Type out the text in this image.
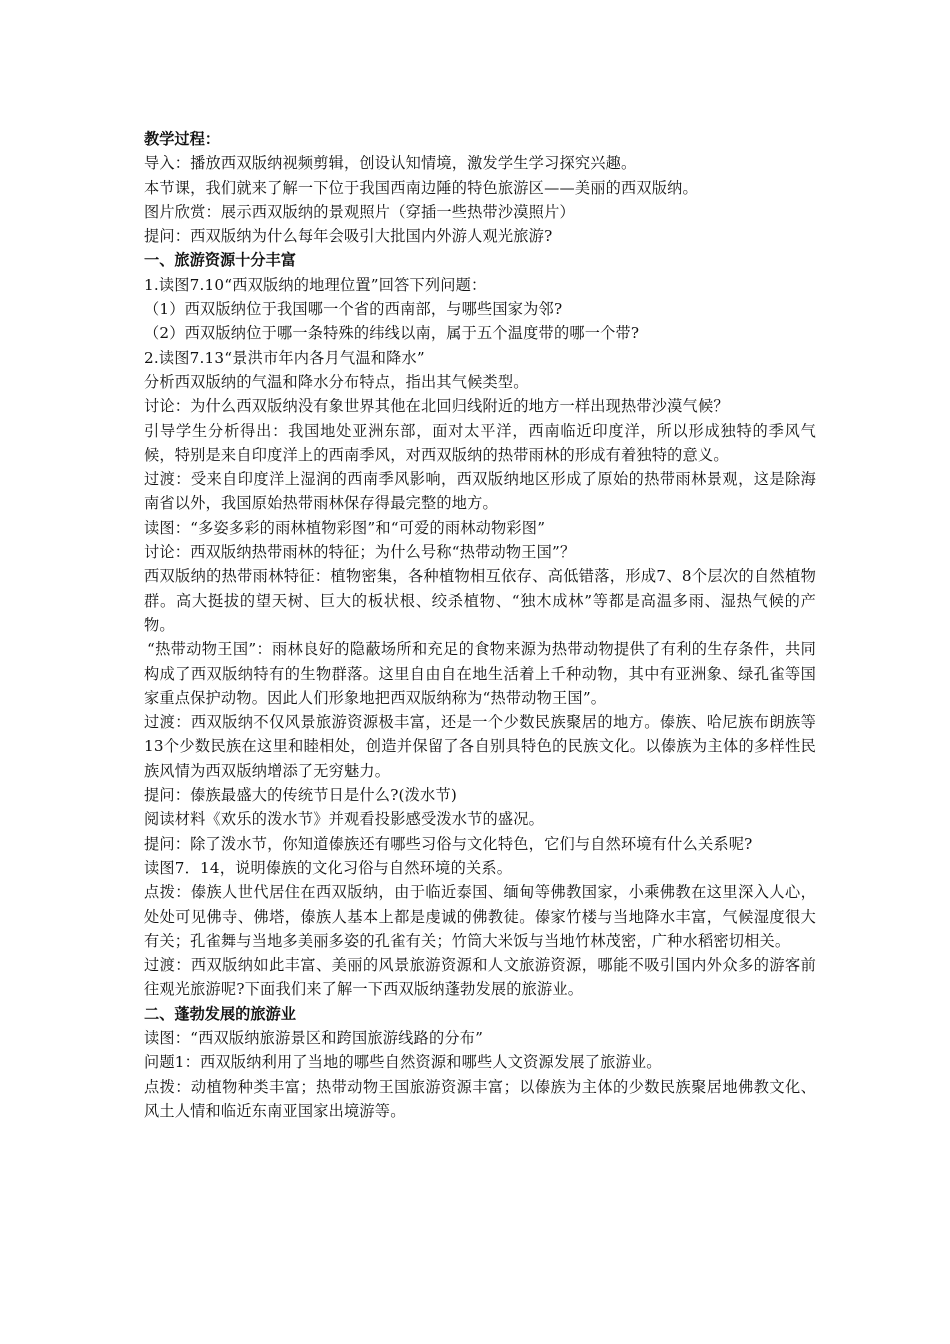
教学过程：
导入：播放西双版纳视频剪辑，创设认知情境，激发学生学习探究兴趣。
本节课，我们就来了解一下位于我国西南边陲的特色旅游区——美丽的西双版纳。
图片欣赏：展示西双版纳的景观照片（穿插一些热带沙漠照片）
提问：西双版纳为什么每年会吸引大批国内外游人观光旅游?
一、旅游资源十分丰富
1.读图7.10“西双版纳的地理位置”回答下列问题：
（1）西双版纳位于我国哪一个省的西南部，与哪些国家为邻?
（2）西双版纳位于哪一条特殊的纬线以南，属于五个温度带的哪一个带?
2.读图7.13“景洪市年内各月气温和降水”
分析西双版纳的气温和降水分布特点，指出其气候类型。
讨论：为什么西双版纳没有象世界其他在北回归线附近的地方一样出现热带沙漠气候？
引导学生分析得出：我国地处亚洲东部，面对太平洋，西南临近印度洋，所以形成独特的季风气候，特别是来自印度洋上的西南季风，对西双版纳的热带雨林的形成有着独特的意义。
过渡：受来自印度洋上湿润的西南季风影响，西双版纳地区形成了原始的热带雨林景观，这是除海南省以外，我国原始热带雨林保存得最完整的地方。
读图：“多姿多彩的雨林植物彩图”和“可爱的雨林动物彩图”
讨论：西双版纳热带雨林的特征；为什么号称“热带动物王国”？
西双版纳的热带雨林特征：植物密集，各种植物相互依存、高低错落，形成7、8个层次的自然植物群。高大挺拔的望天树、巨大的板状根、绞杀植物、“独木成林”等都是高温多雨、湿热气候的产物。
“热带动物王国”：雨林良好的隐蔽场所和充足的食物来源为热带动物提供了有利的生存条件，共同构成了西双版纳特有的生物群落。这里自由自在地生活着上千种动物，其中有亚洲象、绿孔雀等国家重点保护动物。因此人们形象地把西双版纳称为“热带动物王国”。
过渡：西双版纳不仅风景旅游资源极丰富，还是一个少数民族聚居的地方。傣族、哈尼族布朗族等13个少数民族在这里和睦相处，创造并保留了各自别具特色的民族文化。以傣族为主体的多样性民族风情为西双版纳增添了无穷魅力。
提问：傣族最盛大的传统节日是什么?(泼水节)
阅读材料《欢乐的泼水节》并观看投影感受泼水节的盛况。
提问：除了泼水节，你知道傣族还有哪些习俗与文化特色，它们与自然环境有什么关系呢?
读图7．14，说明傣族的文化习俗与自然环境的关系。
点拨：傣族人世代居住在西双版纳，由于临近泰国、缅甸等佛教国家，小乘佛教在这里深入人心，处处可见佛寺、佛塔，傣族人基本上都是虔诚的佛教徒。傣家竹楼与当地降水丰富，气候湿度很大有关；孔雀舞与当地多美丽多姿的孔雀有关；竹筒大米饭与当地竹林茂密，广种水稻密切相关。
过渡：西双版纳如此丰富、美丽的风景旅游资源和人文旅游资源，哪能不吸引国内外众多的游客前往观光旅游呢?下面我们来了解一下西双版纳蓬勃发展的旅游业。
二、蓬勃发展的旅游业
读图：“西双版纳旅游景区和跨国旅游线路的分布”
问题1：西双版纳利用了当地的哪些自然资源和哪些人文资源发展了旅游业。
点拨：动植物种类丰富；热带动物王国旅游资源丰富；以傣族为主体的少数民族聚居地佛教文化、风土人情和临近东南亚国家出境游等。
